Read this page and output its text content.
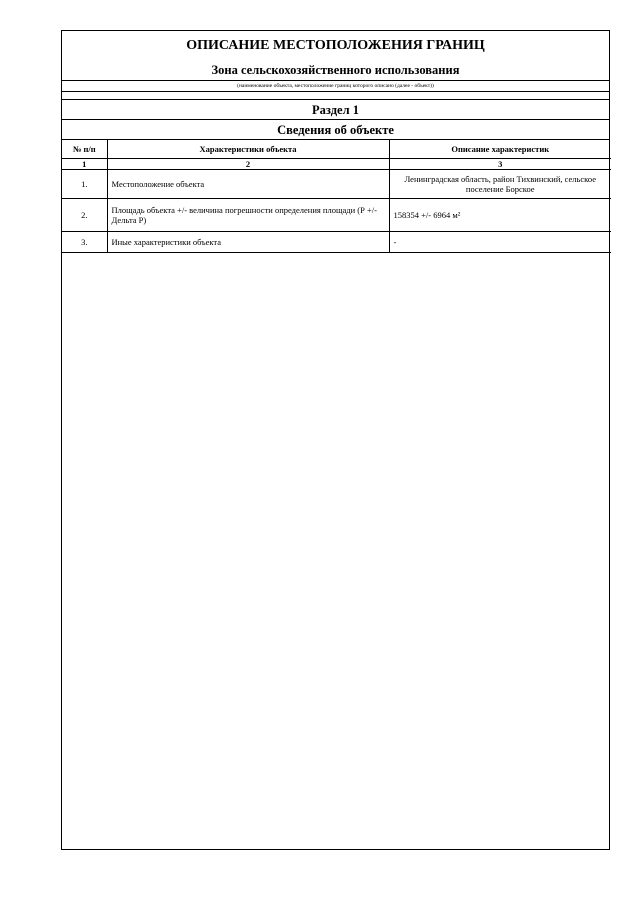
ОПИСАНИЕ МЕСТОПОЛОЖЕНИЯ ГРАНИЦ
Зона сельскохозяйственного использования
(наименование объекта, местоположение границ которого описано (далее - объект))
Раздел 1
Сведения об объекте
№ п/п	Характеристики объекта	Описание характеристик
1	2	3
1.	Местоположение объекта	Ленинградская область, район Тихвинский, сельское поселение Борское
2.	Площадь объекта +/- величина погрешности определения площади (Р +/- Дельта Р)	158354 +/- 6964 м²
3.	Иные характеристики объекта	-
